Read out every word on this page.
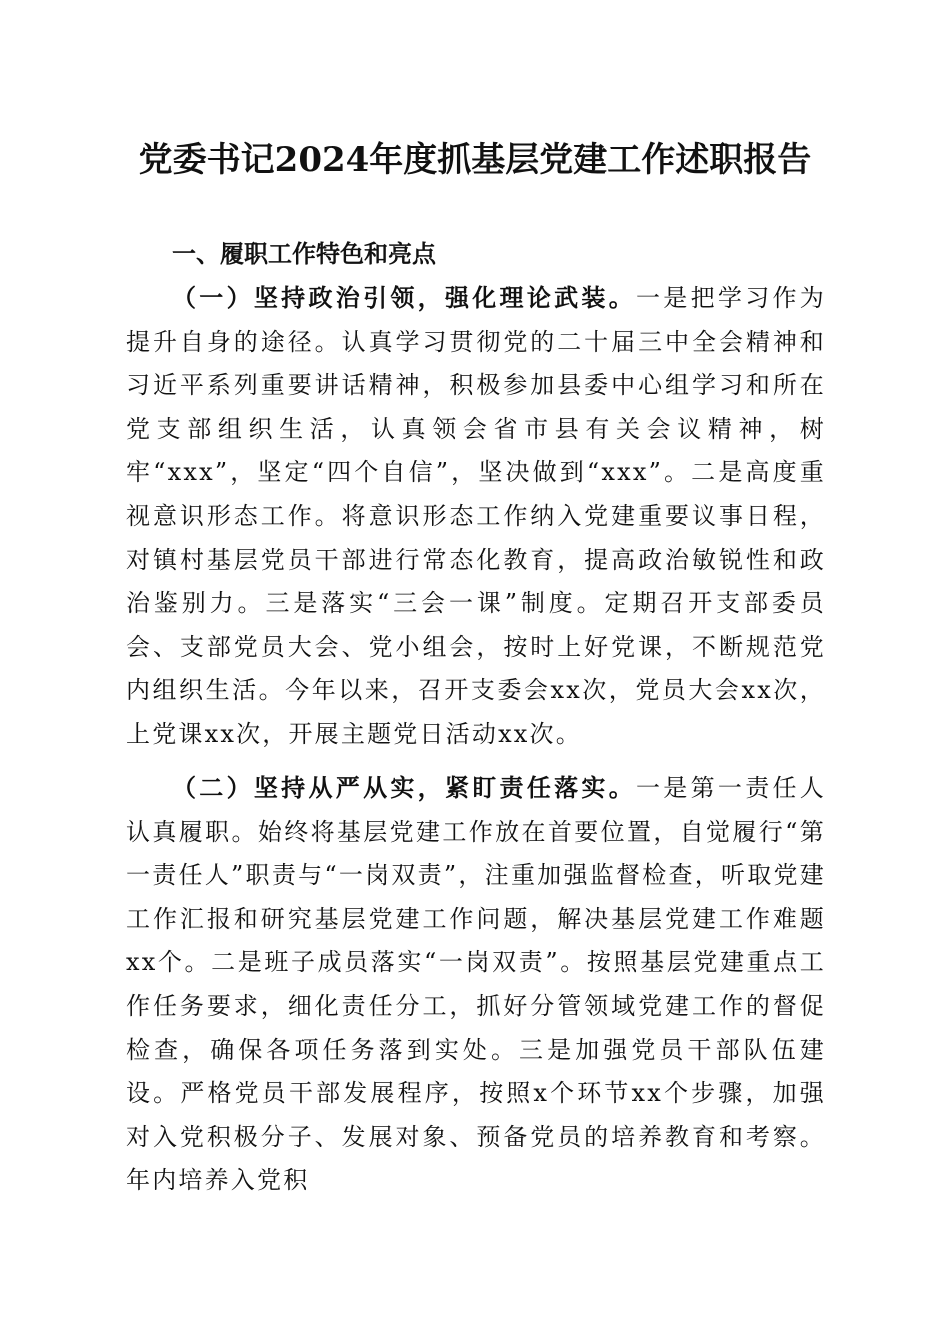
党委书记2024年度抓基层党建工作述职报告
一、履职工作特色和亮点

（一）坚持政治引领，强化理论武装。一是把学习作为提升自身的途径。认真学习贯彻党的二十届三中全会精神和习近平系列重要讲话精神，积极参加县委中心组学习和所在党支部组织生活，认真领会省市县有关会议精神，树牢“xxx”，坚定“四个自信”，坚决做到“xxx”。二是高度重视意识形态工作。将意识形态工作纳入党建重要议事日程，对镇村基层党员干部进行常态化教育，提高政治敏锐性和政治鉴别力。三是落实“三会一课”制度。定期召开支部委员会、支部党员大会、党小组会，按时上好党课，不断规范党内组织生活。今年以来，召开支委会xx次，党员大会xx次，上党课xx次，开展主题党日活动xx次。

（二）坚持从严从实，紧盯责任落实。一是第一责任人认真履职。始终将基层党建工作放在首要位置，自觉履行“第一责任人”职责与“一岗双责”，注重加强监督检查，听取党建工作汇报和研究基层党建工作问题，解决基层党建工作难题xx个。二是班子成员落实“一岗双责”。按照基层党建重点工作任务要求，细化责任分工，抓好分管领域党建工作的督促检查，确保各项任务落到实处。三是加强党员干部队伍建设。严格党员干部发展程序，按照x个环节xx个步骤，加强对入党积极分子、发展对象、预备党员的培养教育和考察。年内培养入党积
